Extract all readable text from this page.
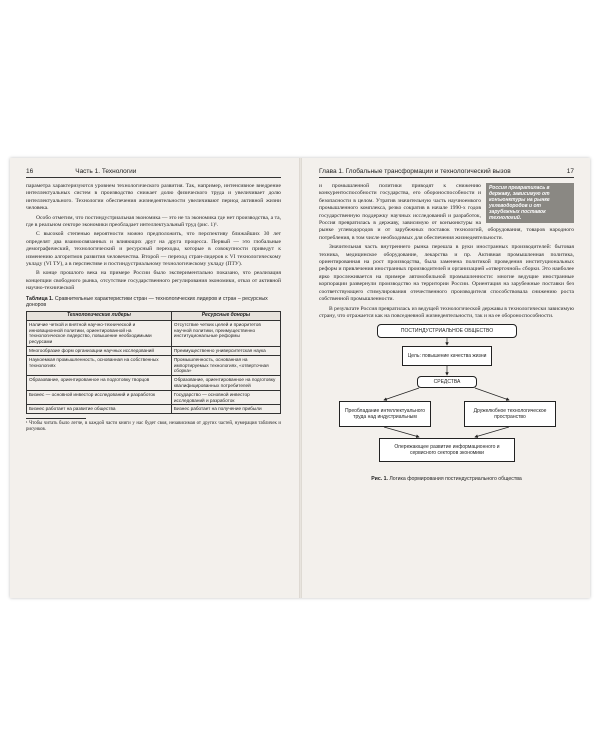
16	Часть 1. Технологии

параметра характеризуются уровнем технологического развития. Так, например, интенсивное внедрение интеллектуальных систем в производство снижает долю физического труда и увеличивает долю интеллектуального. Технологии обеспечения жизнедеятельности увеличивают период активной жизни человека.

Особо отметим, что постиндустриальная экономика — это не та экономика где нет производства, а та, где в реальном секторе экономики преобладает интеллектуальный труд (рис. 1)¹.

С высокой степенью вероятности можно предположить, что перспективу ближайших 30 лет определят два взаимосвязанных и влияющих друг на друга процесса. Первый — это глобальные демографический, технологический и ресурсный переходы, которые в совокупности приведут к изменению алгоритмов развития человечества. Второй — переход стран-лидеров к VI технологическому укладу (VI ТУ), а в перспективе и постиндустриальному технологическому укладу (ПТУ).

В конце прошлого века на примере России было экспериментально показано, что реализация концепции свободного рынка, отсутствие государственного регулирования экономики, отказ от активной научно-технической

Таблица 1. Сравнительные характеристики стран — технологических лидеров и стран – ресурсных доноров
Технологические лидеры	Ресурсные доноры
Наличие четкой и внятной научно-технической и инновационной политики, ориентированной на технологическое лидерство, повышение необходимыми ресурсами	Отсутствие четких целей и приоритетов научной политики, преимущественно институциональные реформы
Многообразие форм организации научных исследований	Преимущественно университетская наука
Наукоемкая промышленность, основанная на собственных технологиях	Промышленность, основанная на импортируемых технологиях, «отверточная сборка»
Образование, ориентированное на подготовку творцов	Образование, ориентированное на подготовку квалифицированных потребителей
Бизнес — основной инвестор исследований и разработок	Государство — основной инвестор исследований и разработок
Бизнес работает на развитие общества	Бизнес работает на получение прибыли

¹ Чтобы читать было легче, в каждой части книги у нас будет своя, независимая от других частей, нумерация табличек и рисунков.

Глава 1. Глобальные трансформации и технологический вызов	17
Россия превратилась в державу, зависимую от конъюнктуры на рынке углеводородов и от зарубежных поставок технологий.

и промышленной политики приводят к снижению конкурентоспособности государства, его обороноспособности и безопасности в целом. Утратив значительную часть научноемкого промышленного комплекса, резко сократив в начале 1990-х годов государственную поддержку научных исследований и разработок, Россия превратилась в державу, зависимую от конъюнктуры на рынке углеводородов и от зарубежных поставок технологий, оборудования, товаров народного потребления, в том числе необходимых для обеспечения жизнедеятельности.

Значительная часть внутреннего рынка перешла в руки иностранных производителей: бытовая техника, медицинское оборудование, лекарства и пр. Активная промышленная политика, ориентированная на рост производства, была заменена политикой проведения институциональных реформ и привлечения иностранных производителей и организацией «отверточной» сборки. Это наиболее ярко прослеживается на примере автомобильной промышленности: многие ведущие иностранные корпорации развернули производство на территории России. Ориентация на зарубежные поставки без соответствующего стимулирования отечественного производителя способствовала снижению роста собственной промышленности.

В результате Россия превратилась из ведущей технологической державы в технологически зависимую страну, что отражается как на повседневной жизнедеятельности, так и на ее обороноспособности.

ПОСТИНДУСТРИАЛЬНОЕ ОБЩЕСТВО
Цель: повышение качества жизни
СРЕДСТВА
Преобладание интеллектуального труда над индустриальным
Дружелюбное технологическое пространство
Опережающее развитие информационного и сервисного секторов экономики
Рис. 1. Логика формирования постиндустриального общества
